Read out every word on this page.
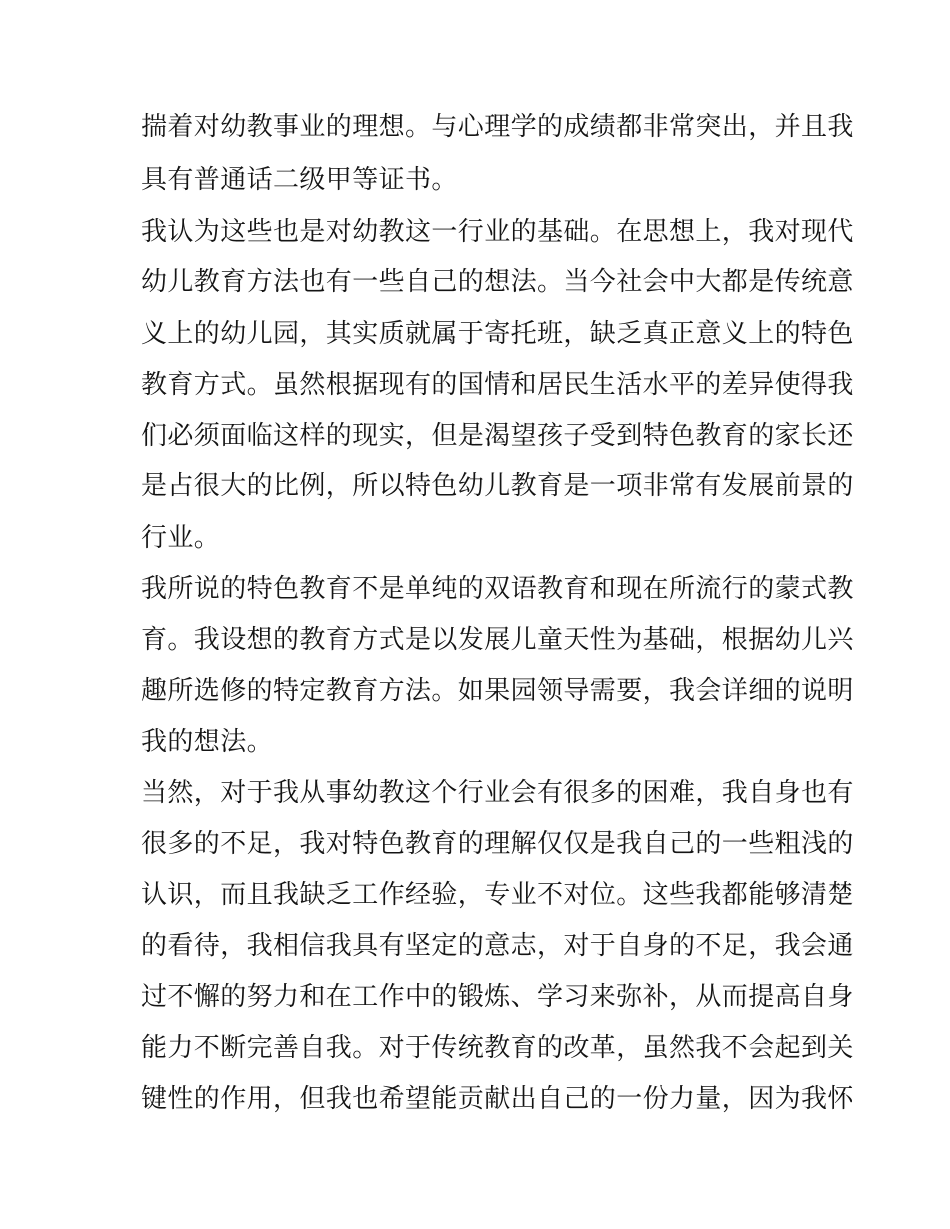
揣着对幼教事业的理想。与心理学的成绩都非常突出，并且我
具有普通话二级甲等证书。
我认为这些也是对幼教这一行业的基础。在思想上，我对现代
幼儿教育方法也有一些自己的想法。当今社会中大都是传统意
义上的幼儿园，其实质就属于寄托班，缺乏真正意义上的特色
教育方式。虽然根据现有的国情和居民生活水平的差异使得我
们必须面临这样的现实，但是渴望孩子受到特色教育的家长还
是占很大的比例，所以特色幼儿教育是一项非常有发展前景的
行业。
我所说的特色教育不是单纯的双语教育和现在所流行的蒙式教
育。我设想的教育方式是以发展儿童天性为基础，根据幼儿兴
趣所选修的特定教育方法。如果园领导需要，我会详细的说明
我的想法。
当然，对于我从事幼教这个行业会有很多的困难，我自身也有
很多的不足，我对特色教育的理解仅仅是我自己的一些粗浅的
认识，而且我缺乏工作经验，专业不对位。这些我都能够清楚
的看待，我相信我具有坚定的意志，对于自身的不足，我会通
过不懈的努力和在工作中的锻炼、学习来弥补，从而提高自身
能力不断完善自我。对于传统教育的改革，虽然我不会起到关
键性的作用，但我也希望能贡献出自己的一份力量，因为我怀
